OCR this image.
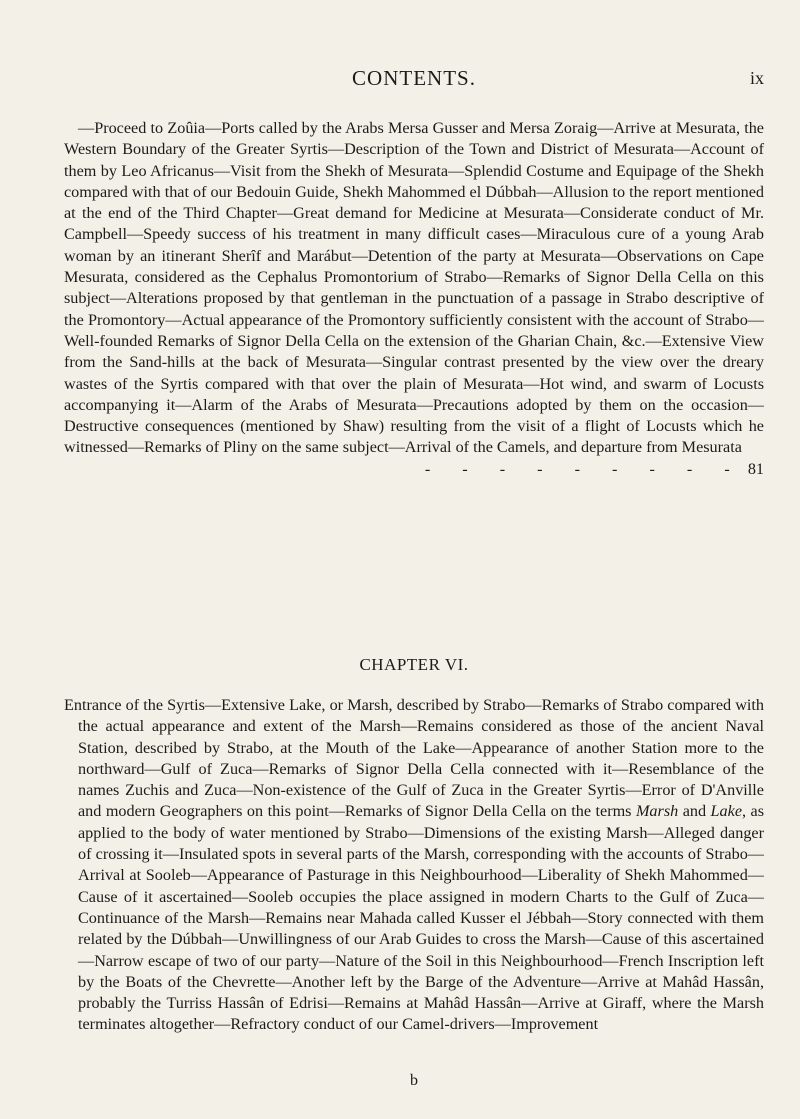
CONTENTS.	ix
—Proceed to Zoûia—Ports called by the Arabs Mersa Gusser and Mersa Zoraig—Arrive at Mesurata, the Western Boundary of the Greater Syrtis—Description of the Town and District of Mesurata—Account of them by Leo Africanus—Visit from the Shekh of Mesurata—Splendid Costume and Equipage of the Shekh compared with that of our Bedouin Guide, Shekh Mahommed el Dúbbah—Allusion to the report mentioned at the end of the Third Chapter—Great demand for Medicine at Mesurata—Considerate conduct of Mr. Campbell—Speedy success of his treatment in many difficult cases—Miraculous cure of a young Arab woman by an itinerant Sherîf and Marábut—Detention of the party at Mesurata—Observations on Cape Mesurata, considered as the Cephalus Promontorium of Strabo—Remarks of Signor Della Cella on this subject—Alterations proposed by that gentleman in the punctuation of a passage in Strabo descriptive of the Promontory—Actual appearance of the Promontory sufficiently consistent with the account of Strabo—Well-founded Remarks of Signor Della Cella on the extension of the Gharian Chain, &c.—Extensive View from the Sand-hills at the back of Mesurata—Singular contrast presented by the view over the dreary wastes of the Syrtis compared with that over the plain of Mesurata—Hot wind, and swarm of Locusts accompanying it—Alarm of the Arabs of Mesurata—Precautions adopted by them on the occasion—Destructive consequences (mentioned by Shaw) resulting from the visit of a flight of Locusts which he witnessed—Remarks of Pliny on the same subject—Arrival of the Camels, and departure from Mesurata
- - - - - - - - - 81
CHAPTER VI.
Entrance of the Syrtis—Extensive Lake, or Marsh, described by Strabo—Remarks of Strabo compared with the actual appearance and extent of the Marsh—Remains considered as those of the ancient Naval Station, described by Strabo, at the Mouth of the Lake—Appearance of another Station more to the northward—Gulf of Zuca—Remarks of Signor Della Cella connected with it—Resemblance of the names Zuchis and Zuca—Non-existence of the Gulf of Zuca in the Greater Syrtis—Error of D'Anville and modern Geographers on this point—Remarks of Signor Della Cella on the terms Marsh and Lake, as applied to the body of water mentioned by Strabo—Dimensions of the existing Marsh—Alleged danger of crossing it—Insulated spots in several parts of the Marsh, corresponding with the accounts of Strabo—Arrival at Sooleb—Appearance of Pasturage in this Neighbourhood—Liberality of Shekh Mahommed—Cause of it ascertained—Sooleb occupies the place assigned in modern Charts to the Gulf of Zuca—Continuance of the Marsh—Remains near Mahada called Kusser el Jébbah—Story connected with them related by the Dúbbah—Unwillingness of our Arab Guides to cross the Marsh—Cause of this ascertained—Narrow escape of two of our party—Nature of the Soil in this Neighbourhood—French Inscription left by the Boats of the Chevrette—Another left by the Barge of the Adventure—Arrive at Mahâd Hassân, probably the Turriss Hassân of Edrisi—Remains at Mahâd Hassân—Arrive at Giraff, where the Marsh terminates altogether—Refractory conduct of our Camel-drivers—Improvement
b
